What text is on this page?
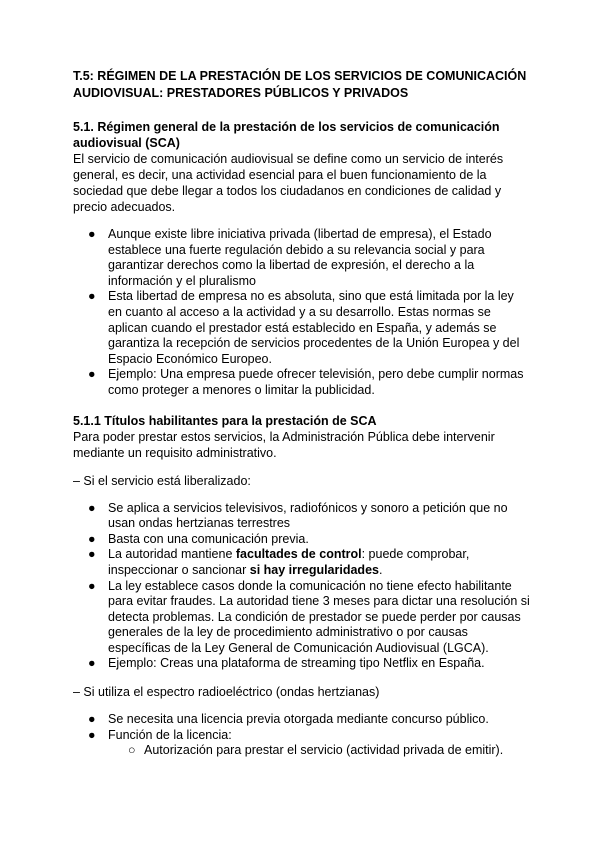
T.5: RÉGIMEN DE LA PRESTACIÓN DE LOS SERVICIOS DE COMUNICACIÓN
AUDIOVISUAL: PRESTADORES PÚBLICOS Y PRIVADOS
5.1. Régimen general de la prestación de los servicios de comunicación audiovisual (SCA)

El servicio de comunicación audiovisual se define como un servicio de interés general, es decir, una actividad esencial para el buen funcionamiento de la sociedad que debe llegar a todos los ciudadanos en condiciones de calidad y precio adecuados.

● Aunque existe libre iniciativa privada (libertad de empresa), el Estado establece una fuerte regulación debido a su relevancia social y para garantizar derechos como la libertad de expresión, el derecho a la información y el pluralismo
● Esta libertad de empresa no es absoluta, sino que está limitada por la ley en cuanto al acceso a la actividad y a su desarrollo. Estas normas se aplican cuando el prestador está establecido en España, y además se garantiza la recepción de servicios procedentes de la Unión Europea y del Espacio Económico Europeo.
● Ejemplo: Una empresa puede ofrecer televisión, pero debe cumplir normas como proteger a menores o limitar la publicidad.
5.1.1 Títulos habilitantes para la prestación de SCA

Para poder prestar estos servicios, la Administración Pública debe intervenir mediante un requisito administrativo.

– Si el servicio está liberalizado:

● Se aplica a servicios televisivos, radiofónicos y sonoro a petición que no usan ondas hertzianas terrestres
● Basta con una comunicación previa.
● La autoridad mantiene facultades de control: puede comprobar, inspeccionar o sancionar si hay irregularidades.
● La ley establece casos donde la comunicación no tiene efecto habilitante para evitar fraudes. La autoridad tiene 3 meses para dictar una resolución si detecta problemas. La condición de prestador se puede perder por causas generales de la ley de procedimiento administrativo o por causas específicas de la Ley General de Comunicación Audiovisual (LGCA).
● Ejemplo: Creas una plataforma de streaming tipo Netflix en España.

– Si utiliza el espectro radioeléctrico (ondas hertzianas)

● Se necesita una licencia previa otorgada mediante concurso público.
● Función de la licencia:
○ Autorización para prestar el servicio (actividad privada de emitir).
